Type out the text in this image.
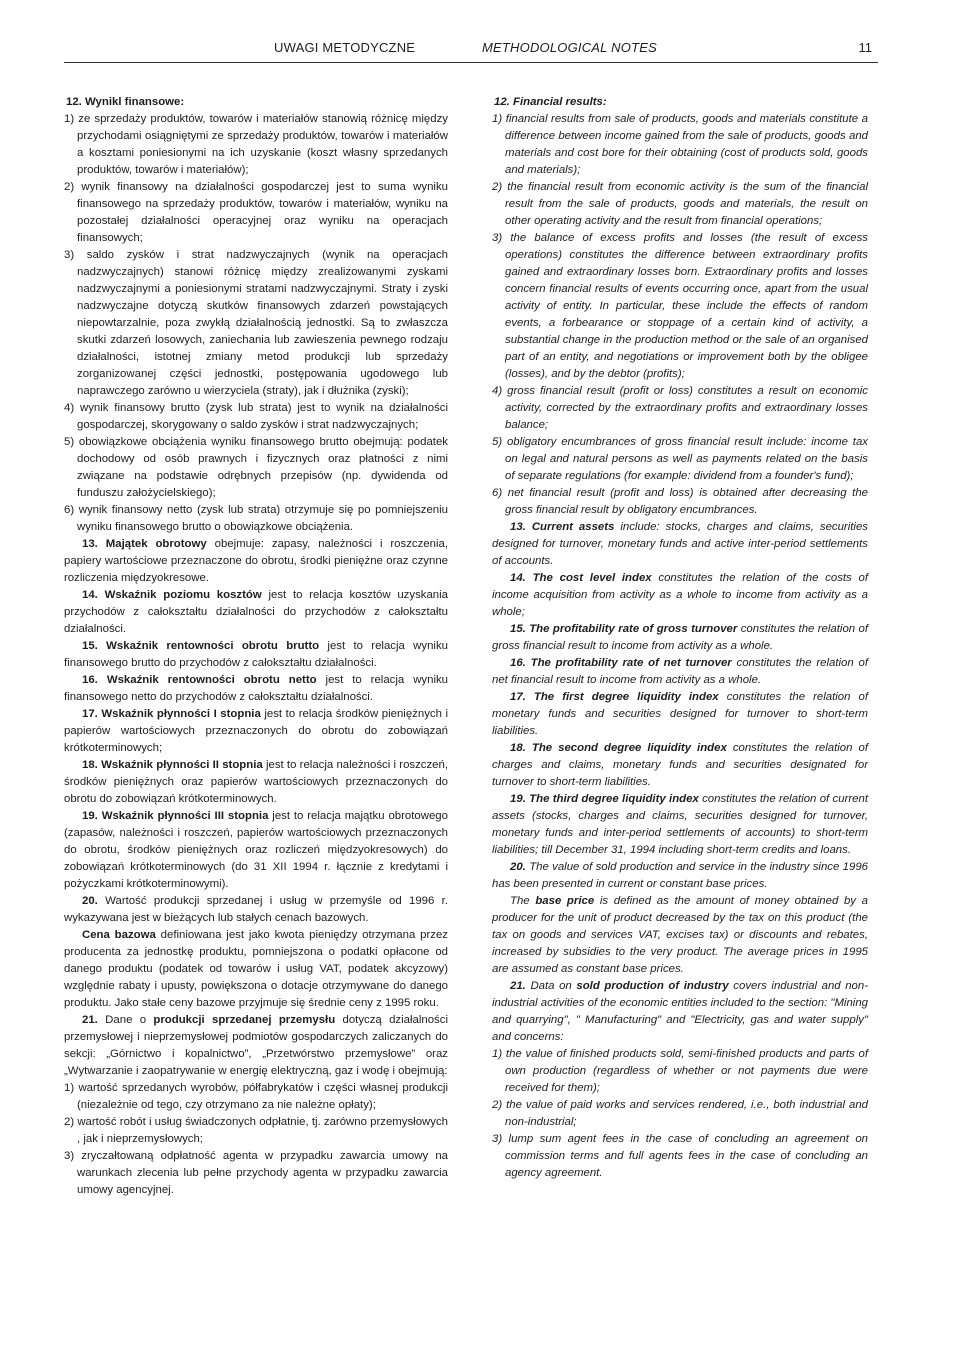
UWAGI METODYCZNE	METHODOLOGICAL NOTES	11

12. Wynikl finansowe:

1) ze sprzedaży produktów, towarów i materiałów stanowią różnicę między przychodami osiągniętymi ze sprzedaży produktów, towarów i materiałów a kosztami poniesionymi na ich uzyskanie (koszt własny sprzedanych produktów, towarów i materiałów);

2) wynik finansowy na działalności gospodarczej jest to suma wyniku finansowego na sprzedaży produktów, towarów i materiałów, wyniku na pozostałej działalności operacyjnej oraz wyniku na operacjach finansowych;

3) saldo zysków i strat nadzwyczajnych (wynik na operacjach nadzwyczajnych) stanowi różnicę między zrealizowanymi zyskami nadzwyczajnymi a poniesionymi stratami nadzwyczajnymi. Straty i zyski nadzwyczajne dotyczą skutków finansowych zdarzeń powstających niepowtarzalnie, poza zwykłą działalnością jednostki. Są to zwłaszcza skutki zdarzeń losowych, zaniechania lub zawieszenia pewnego rodzaju działalności, istotnej zmiany metod produkcji lub sprzedaży zorganizowanej części jednostki, postępowania ugodowego lub naprawczego zarówno u wierzyciela (straty), jak i dłużnika (zyski);

4) wynik finansowy brutto (zysk lub strata) jest to wynik na działalności gospodarczej, skorygowany o saldo zysków i strat nadzwyczajnych;

5) obowiązkowe obciążenia wyniku finansowego brutto obejmują: podatek dochodowy od osób prawnych i fizycznych oraz płatności z nimi związane na podstawie odrębnych przepisów (np. dywidenda od funduszu założycielskiego);

6) wynik finansowy netto (zysk lub strata) otrzymuje się po pomniejszeniu wyniku finansowego brutto o obowiązkowe obciążenia.

13. Majątek obrotowy obejmuje: zapasy, należności i roszczenia, papiery wartościowe przeznaczone do obrotu, środki pieniężne oraz czynne rozliczenia międzyokresowe.

14. Wskaźnik poziomu kosztów jest to relacja kosztów uzyskania przychodów z całokształtu działalności do przychodów z całokształtu działalności.

15. Wskaźnik rentowności obrotu brutto jest to relacja wyniku finansowego brutto do przychodów z całokształtu działalności.

16. Wskaźnik rentowności obrotu netto jest to relacja wyniku finansowego netto do przychodów z całokształtu działalności.

17. Wskaźnik płynności I stopnia jest to relacja środków pieniężnych i papierów wartościowych przeznaczonych do obrotu do zobowiązań krótkoterminowych;

18. Wskaźnik płynności II stopnia jest to relacja należności i roszczeń, środków pieniężnych oraz papierów wartościowych przeznaczonych do obrotu do zobowiązań krótkoterminowych.

19. Wskaźnik płynności III stopnia jest to relacja majątku obrotowego (zapasów, należności i roszczeń, papierów wartościowych przeznaczonych do obrotu, środków pieniężnych oraz rozliczeń międzyokresowych) do zobowiązań krótkoterminowych (do 31 XII 1994 r. łącznie z kredytami i pożyczkami krótkoterminowymi).

20. Wartość produkcji sprzedanej i usług w przemyśle od 1996 r. wykazywana jest w bieżących lub stałych cenach bazowych.

Cena bazowa definiowana jest jako kwota pieniędzy otrzymana przez producenta za jednostkę produktu, pomniejszona o podatki opłacone od danego produktu (podatek od towarów i usług VAT, podatek akcyzowy) względnie rabaty i upusty, powiększona o dotacje otrzymywane do danego produktu. Jako stałe ceny bazowe przyjmuje się średnie ceny z 1995 roku.

21. Dane o produkcji sprzedanej przemysłu dotyczą działalności przemysłowej i nieprzemysłowej podmiotów gospodarczych zaliczanych do sekcji: „Górnictwo i kopalnictwo”, „Przetwórstwo przemysłowe” oraz „Wytwarzanie i zaopatrywanie w energię elektryczną, gaz i wodę i obejmują:

1) wartość sprzedanych wyrobów, półfabrykatów i części własnej produkcji (niezależnie od tego, czy otrzymano za nie należne opłaty);

2) wartość robót i usług świadczonych odpłatnie, tj. zarówno przemysłowych , jak i nieprzemysłowych;

3) zryczałtowaną odpłatność agenta w przypadku zawarcia umowy na warunkach zlecenia lub pełne przychody agenta w przypadku zawarcia umowy agencyjnej.

12. Financial results:

1) financial results from sale of products, goods and materials constitute a difference between income gained from the sale of products, goods and materials and cost bore for their obtaining (cost of products sold, goods and materials);

2) the financial result from economic activity is the sum of the financial result from the sale of products, goods and materials, the result on other operating activity and the result from financial operations;

3) the balance of excess profits and losses (the result of excess operations) constitutes the difference between extraordinary profits gained and extraordinary losses born. Extraordinary profits and losses concern financial results of events occurring once, apart from the usual activity of entity. In particular, these include the effects of random events, a forbearance or stoppage of a certain kind of activity, a substantial change in the production method or the sale of an organised part of an entity, and negotiations or improvement both by the obligee (losses), and by the debtor (profits);

4) gross financial result (profit or loss) constitutes a result on economic activity, corrected by the extraordinary profits and extraordinary losses balance;

5) obligatory encumbrances of gross financial result include: income tax on legal and natural persons as well as payments related on the basis of separate regulations (for example: dividend from a founder's fund);

6) net financial result (profit and loss) is obtained after decreasing the gross financial result by obligatory encumbrances.

13. Current assets include: stocks, charges and claims, securities designed for turnover, monetary funds and active inter-period settlements of accounts.

14. The cost level index constitutes the relation of the costs of income acquisition from activity as a whole to income from activity as a whole;

15. The profitability rate of gross turnover constitutes the relation of gross financial result to income from activity as a whole.

16. The profitability rate of net turnover constitutes the relation of net financial result to income from activity as a whole.

17. The first degree liquidity index constitutes the relation of monetary funds and securities designed for turnover to short-term liabilities.

18. The second degree liquidity index constitutes the relation of charges and claims, monetary funds and securities designated for turnover to short-term liabilities.

19. The third degree liquidity index constitutes the relation of current assets (stocks, charges and claims, securities designed for turnover, monetary funds and inter-period settlements of accounts) to short-term liabilities; till December 31, 1994 including short-term credits and loans.

20. The value of sold production and service in the industry since 1996 has been presented in current or constant base prices.

The base price is defined as the amount of money obtained by a producer for the unit of product decreased by the tax on this product (the tax on goods and services VAT, excises tax) or discounts and rebates, increased by subsidies to the very product. The average prices in 1995 are assumed as constant base prices.

21. Data on sold production of industry covers industrial and non-industrial activities of the economic entities included to the section: "Mining and quarrying", " Manufacturing" and "Electricity, gas and water supply" and concerns:

1) the value of finished products sold, semi-finished products and parts of own production (regardless of whether or not payments due were received for them);

2) the value of paid works and services rendered, i.e., both industrial and non-industrial;

3) lump sum agent fees in the case of concluding an agreement on commission terms and full agents fees in the case of concluding an agency agreement.
